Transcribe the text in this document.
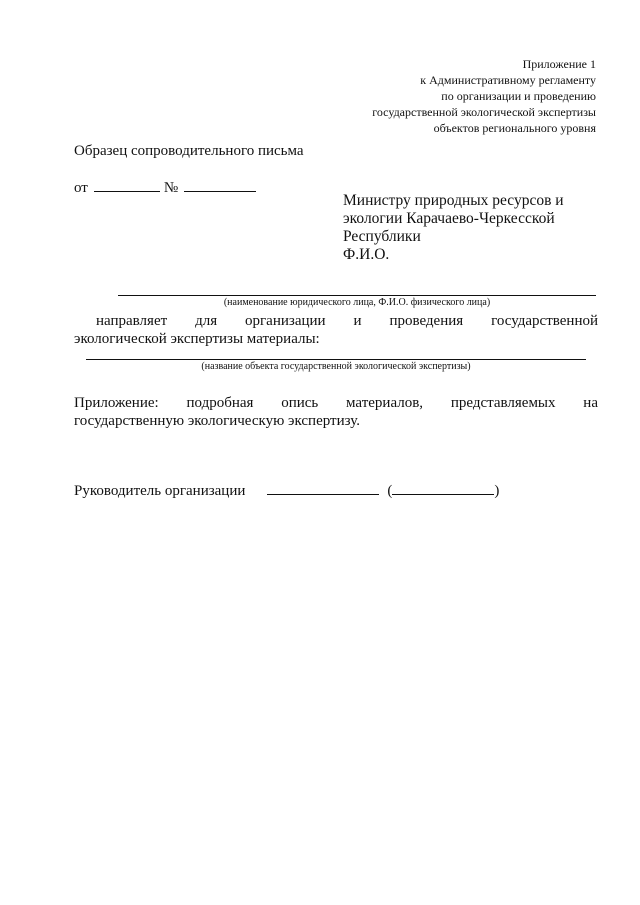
Приложение 1
к Административному регламенту
по организации и проведению
государственной экологической экспертизы
объектов регионального уровня
Образец сопроводительного письма
от	№
Министру природных ресурсов и
экологии Карачаево-Черкесской
Республики
Ф.И.О.
(наименование юридического лица, Ф.И.О. физического лица)
направляет для организации и проведения государственной
экологической экспертизы материалы:
(название объекта государственной экологической экспертизы)
Приложение: подробная опись материалов, представляемых на
государственную экологическую экспертизу.
Руководитель организации	(	)
